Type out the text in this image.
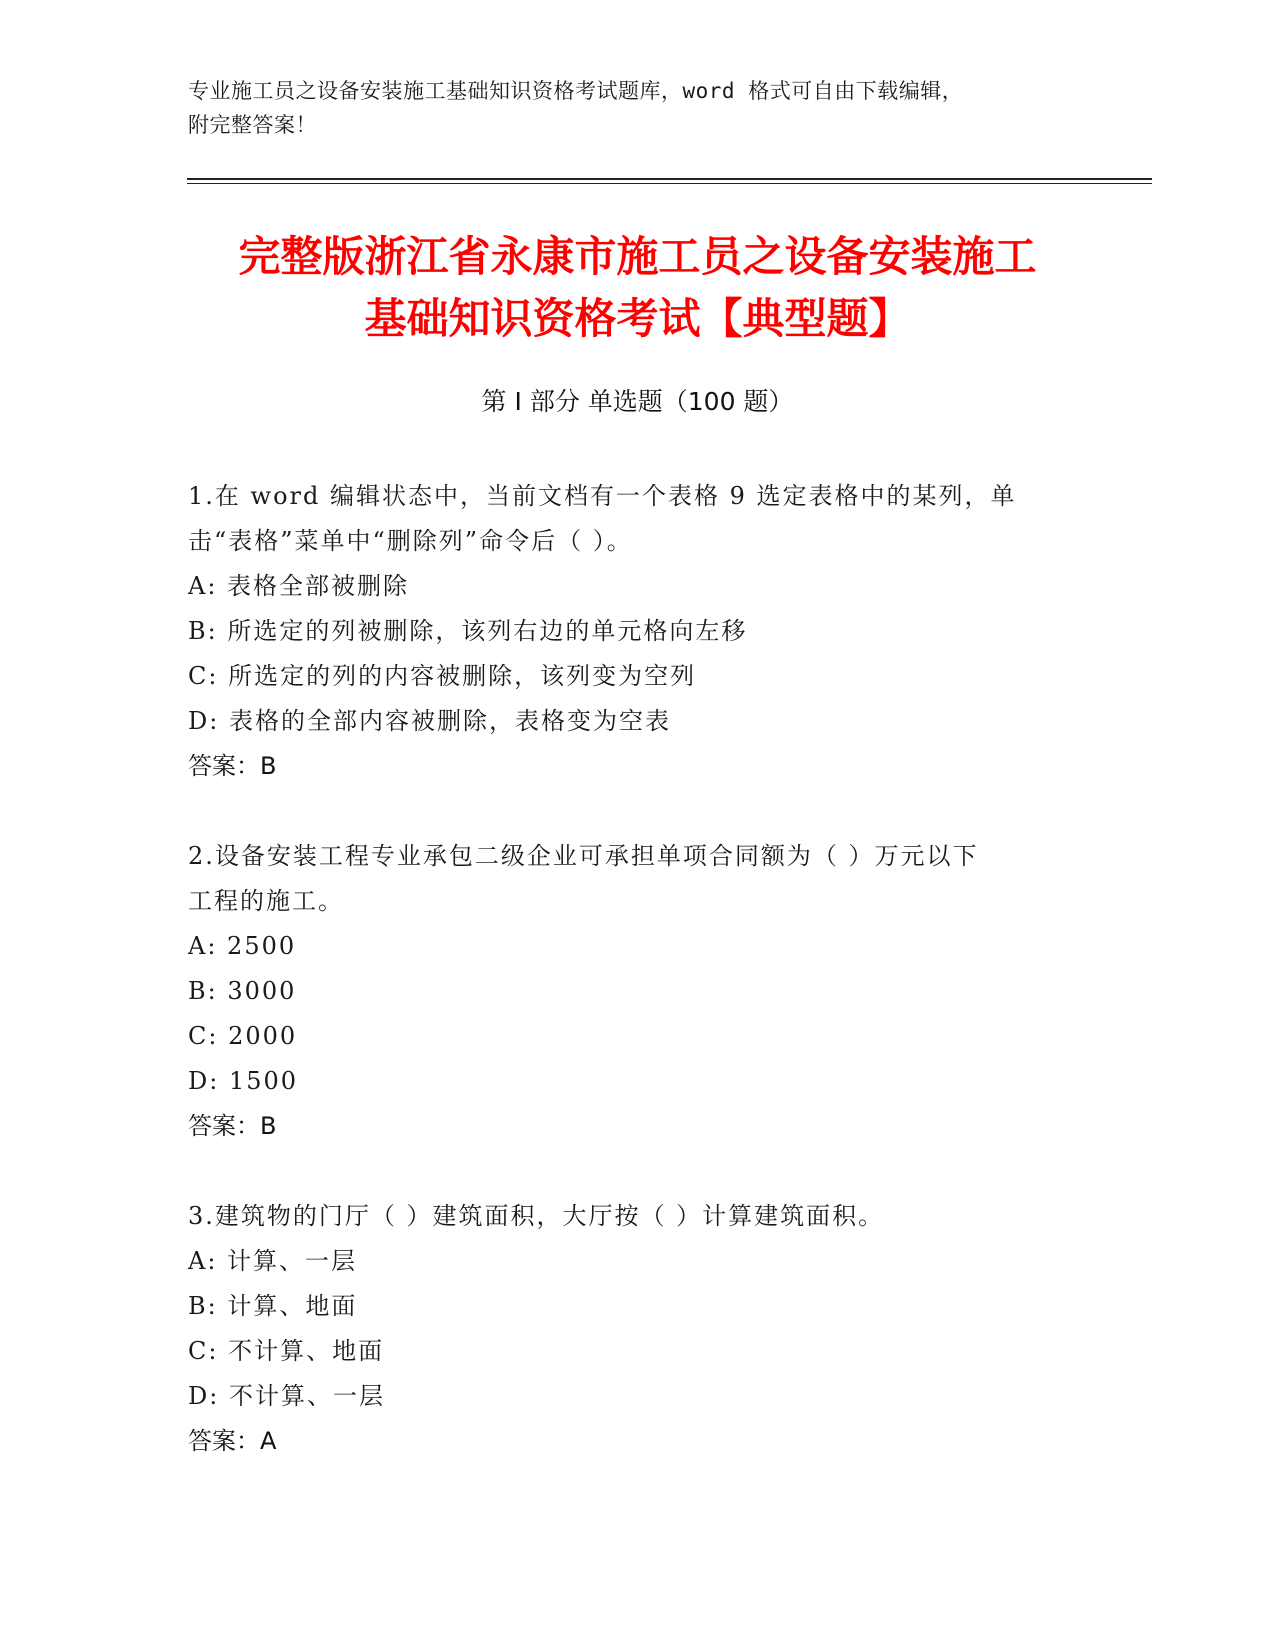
专业施工员之设备安装施工基础知识资格考试题库，word 格式可自由下载编辑，
附完整答案！
完整版浙江省永康市施工员之设备安装施工
基础知识资格考试【典型题】
第 I 部分 单选题（100 题）
1.在 word 编辑状态中，当前文档有一个表格 9 选定表格中的某列，单
击“表格”菜单中“删除列”命令后（ ）。
A: 表格全部被删除
B: 所选定的列被删除，该列右边的单元格向左移
C: 所选定的列的内容被删除，该列变为空列
D: 表格的全部内容被删除，表格变为空表
答案：B
2.设备安装工程专业承包二级企业可承担单项合同额为（ ）万元以下
工程的施工。
A: 2500
B: 3000
C: 2000
D: 1500
答案：B
3.建筑物的门厅（ ）建筑面积，大厅按（ ）计算建筑面积。
A: 计算、一层
B: 计算、地面
C: 不计算、地面
D: 不计算、一层
答案：A
